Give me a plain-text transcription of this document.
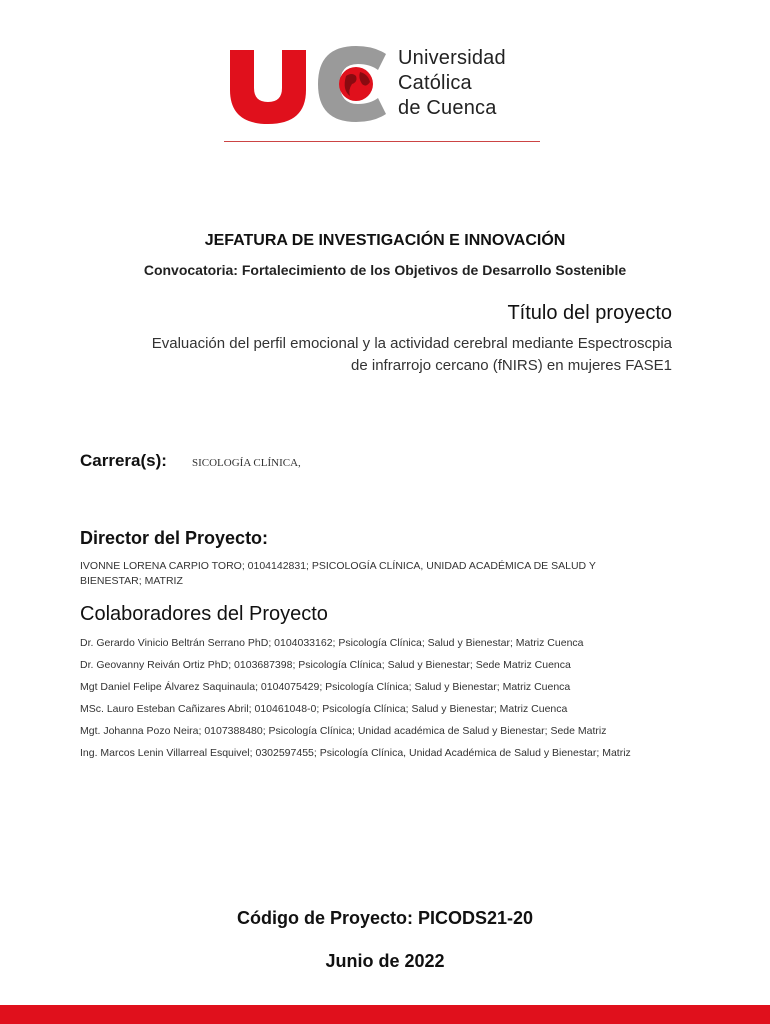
Universidad
Católica
de Cuenca
JEFATURA DE INVESTIGACIÓN E INNOVACIÓN
Convocatoria: Fortalecimiento de los Objetivos de Desarrollo Sostenible
Título del proyecto
Evaluación del perfil emocional y la actividad cerebral mediante Espectroscpia
de infrarrojo cercano (fNIRS) en mujeres FASE1
Carrera(s): SICOLOGÍA CLÍNICA,
Director del Proyecto:
IVONNE LORENA CARPIO TORO; 0104142831; PSICOLOGÍA CLÍNICA, UNIDAD ACADÉMICA DE SALUD Y
BIENESTAR; MATRIZ
Colaboradores del Proyecto
Dr. Gerardo Vinicio Beltrán Serrano PhD; 0104033162; Psicología Clínica; Salud y Bienestar; Matriz Cuenca
Dr. Geovanny Reiván Ortiz PhD; 0103687398; Psicología Clínica; Salud y Bienestar; Sede Matriz Cuenca
Mgt Daniel Felipe Álvarez Saquinaula; 0104075429; Psicología Clínica; Salud y Bienestar; Matriz Cuenca
MSc. Lauro Esteban Cañizares Abril; 010461048-0; Psicología Clínica; Salud y Bienestar; Matriz Cuenca
Mgt. Johanna Pozo Neira; 0107388480; Psicología Clínica; Unidad académica de Salud y Bienestar; Sede Matriz
Ing. Marcos Lenin Villarreal Esquivel; 0302597455; Psicología Clínica, Unidad Académica de Salud y Bienestar; Matriz
Código de Proyecto: PICODS21-20
Junio de 2022
